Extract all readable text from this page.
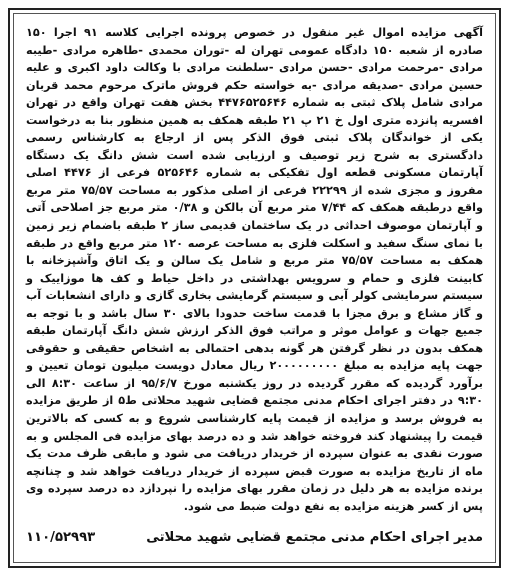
آگهی مزایده اموال غیر منقول در خصوص پرونده اجرایی کلاسه ۹۱ اجرا ۱۵۰ صادره از شعبه ۱۵۰ دادگاه عمومی تهران له -توران محمدی -طاهره مرادی -طیبه مرادی -مرحمت مرادی -حسن مرادی -سلطنت مرادی با وکالت داود اکبری و علیه حسین مرادی -صدیقه مرادی -به خواسته حکم فروش ماترک مرحوم محمد قربان مرادی شامل پلاک ثبتی به شماره ۴۴۷۶۵۲۵۶۴۶ بخش هفت تهران واقع در تهران افسریه پانزده متری اول خ ۲۱ پ ۲۱ طبقه همکف به همین منظور بنا به درخواست یکی از خواندگان پلاک ثبتی فوق الذکر پس از ارجاع به کارشناس رسمی دادگستری به شرح زیر توصیف و ارزیابی شده است شش دانگ یک دستگاه آپارتمان مسکونی قطعه اول تفکیکی به شماره ۵۲۵۶۴۶ فرعی از ۴۴۷۶ اصلی مفروز و مجزی شده از ۲۲۲۹۹ فرعی از اصلی مذکور به مساحت ۷۵/۵۷ متر مربع واقع درطبقه همکف که ۷/۴۴ متر مربع آن بالکن و ۰/۳۸ متر مربع جز اصلاحی آتی و آپارتمان موصوف احداثی در یک ساختمان قدیمی ساز ۲ طبقه باضمام زیر زمین با نمای سنگ سفید و اسکلت فلزی به مساحت عرصه ۱۲۰ متر مربع واقع در طبقه همکف به مساحت ۷۵/۵۷ متر مربع و شامل یک سالن و یک اتاق وآشپزخانه با کابینت فلزی و حمام و سرویس بهداشتی در داخل حیاط و کف ها موزاییک و سیستم سرمایشی کولر آبی و سیستم گرمایشی بخاری گازی و دارای انشعابات آب و گاز مشاع و برق مجزا با قدمت ساخت حدودا بالای ۳۰ سال باشد و با توجه به جمیع جهات و عوامل موثر و مراتب فوق الذکر ارزش شش دانگ آپارتمان طبقه همکف بدون در نظر گرفتن هر گونه بدهی احتمالی به اشخاص حقیقی و حقوقی جهت پایه مزایده به مبلغ ۲۰۰۰۰۰۰۰۰۰ ریال معادل دویست میلیون تومان تعیین و برآورد گردیده که مقرر گردیده در روز یکشنبه مورخ ۹۵/۶/۷ از ساعت ۸:۳۰ الی ۹:۳۰ در دفتر اجرای احکام مدنی مجتمع قضایی شهید محلاتی ط۵ از طریق مزایده به فروش برسد و مزایده از قیمت پایه کارشناسی شروع و به کسی که بالاترین قیمت را پیشنهاد کند فروخته خواهد شد و ده درصد بهای مزایده فی المجلس و به صورت نقدی به عنوان سپرده از خریدار دریافت می شود و مابقی ظرف مدت یک ماه از تاریخ مزایده به صورت قبض سپرده از خریدار دریافت خواهد شد و چنانچه برنده مزایده به هر دلیل در زمان مقرر بهای مزایده را نپردازد ده درصد سپرده وی پس از کسر هزینه مزایده به نفع دولت ضبط می شود.
مدیر اجرای احکام مدنی مجتمع قضایی شهید محلاتی
۱۱۰/۵۲۹۹۳
